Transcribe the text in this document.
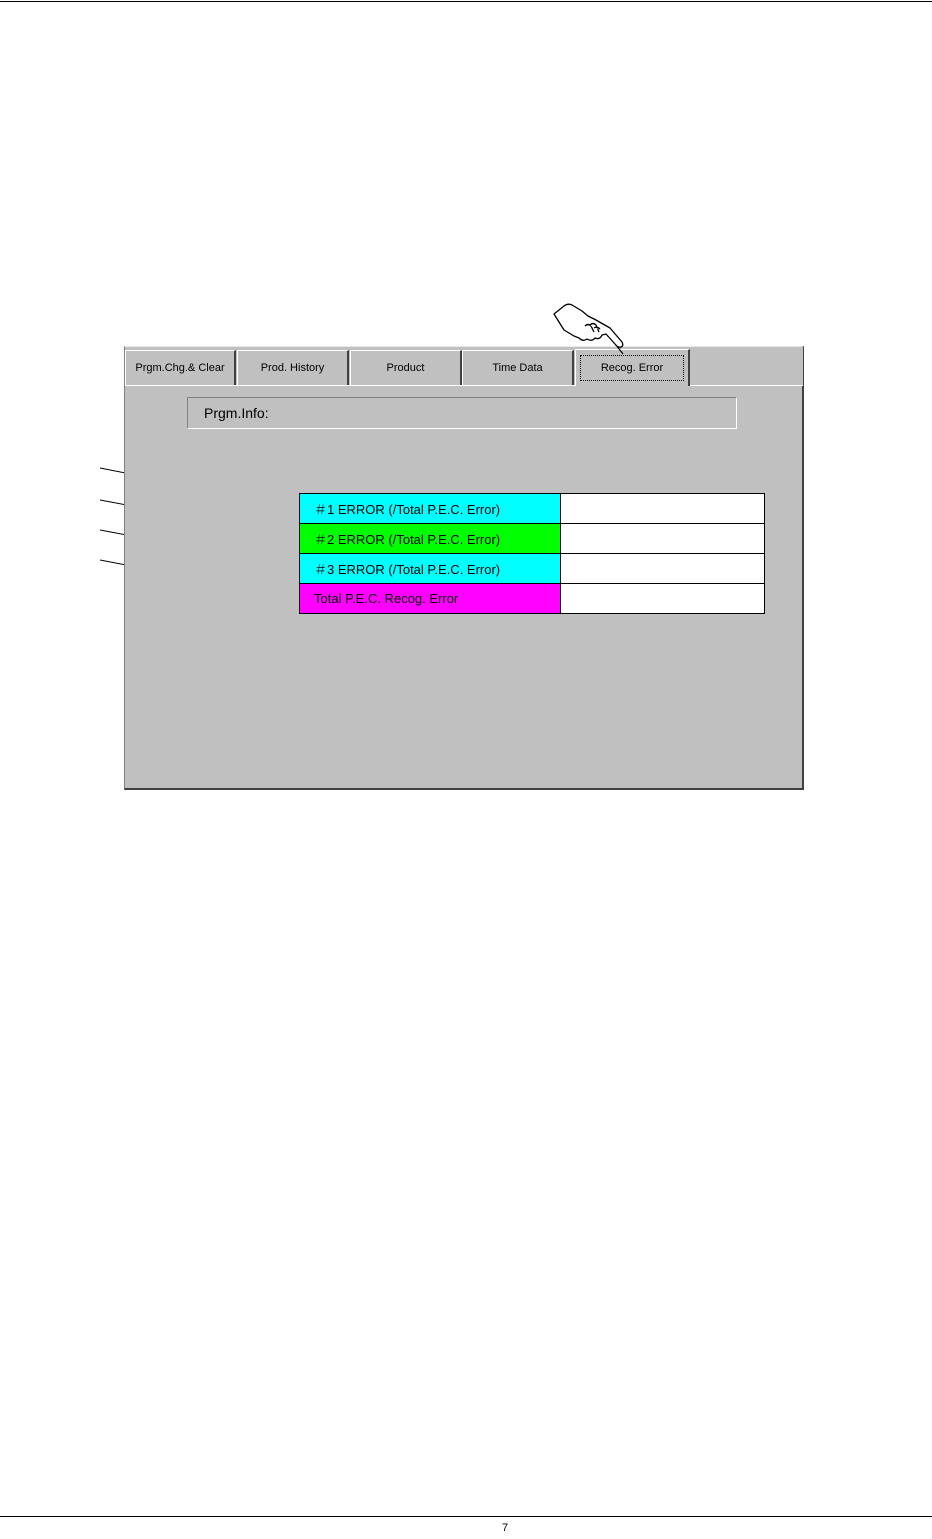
Prgm.Chg.& Clear	Prod. History	Product	Time Data	Recog. Error
Prgm.Info:
＃1 ERROR (/Total P.E.C. Error)
＃2 ERROR (/Total P.E.C. Error)
＃3 ERROR (/Total P.E.C. Error)
Total P.E.C. Recog. Error
7
